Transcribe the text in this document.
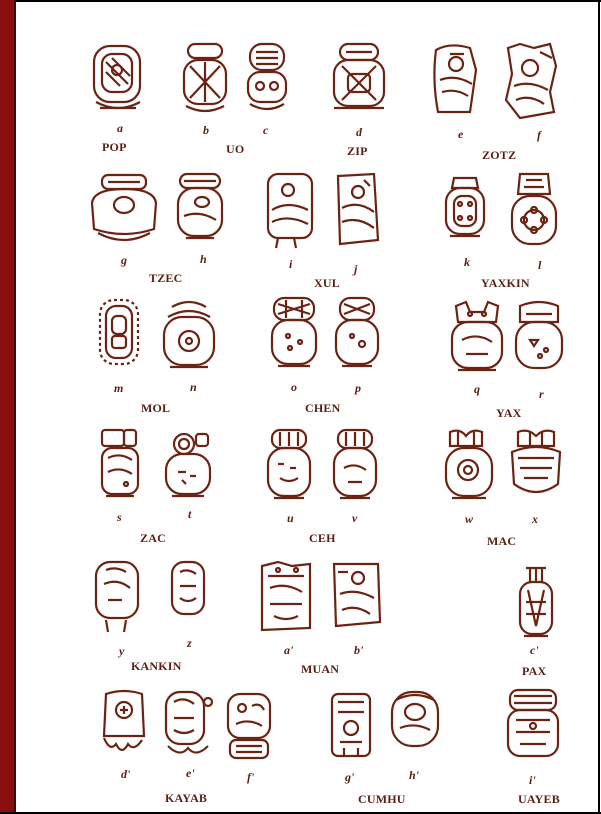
a
POP
b	c
UO
d
ZIP
e	f
ZOTZ
g
TZEC
h	i	j
XUL
k	l
YAXKIN
m
MOL
n	o	p
CHEN
q	r
YAX
s
ZAC
t	u	v
CEH
w	x
MAC
y
KANKIN
z	a'	b'
MUAN
c'
PAX
d'
KAYAB
e'	f'	g'
CUMHU
h'	i'
UAYEB
